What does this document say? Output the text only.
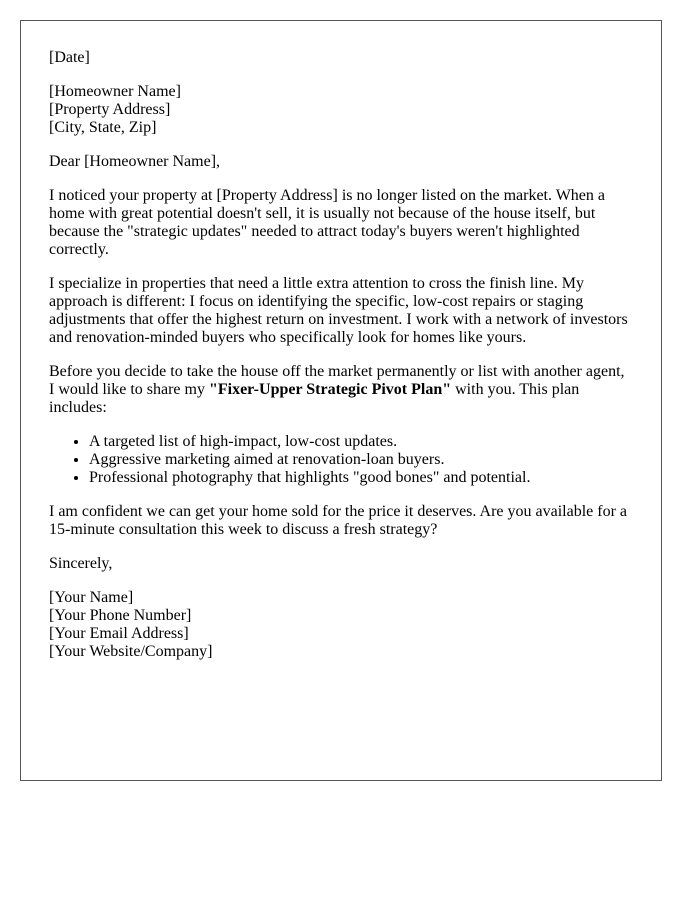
[Date]

[Homeowner Name]
[Property Address]
[City, State, Zip]

Dear [Homeowner Name],

I noticed your property at [Property Address] is no longer listed on the market. When a home with great potential doesn't sell, it is usually not because of the house itself, but because the "strategic updates" needed to attract today's buyers weren't highlighted correctly.

I specialize in properties that need a little extra attention to cross the finish line. My approach is different: I focus on identifying the specific, low-cost repairs or staging adjustments that offer the highest return on investment. I work with a network of investors and renovation-minded buyers who specifically look for homes like yours.

Before you decide to take the house off the market permanently or list with another agent, I would like to share my "Fixer-Upper Strategic Pivot Plan" with you. This plan includes:

• A targeted list of high-impact, low-cost updates.
• Aggressive marketing aimed at renovation-loan buyers.
• Professional photography that highlights "good bones" and potential.

I am confident we can get your home sold for the price it deserves. Are you available for a 15-minute consultation this week to discuss a fresh strategy?

Sincerely,

[Your Name]
[Your Phone Number]
[Your Email Address]
[Your Website/Company]
